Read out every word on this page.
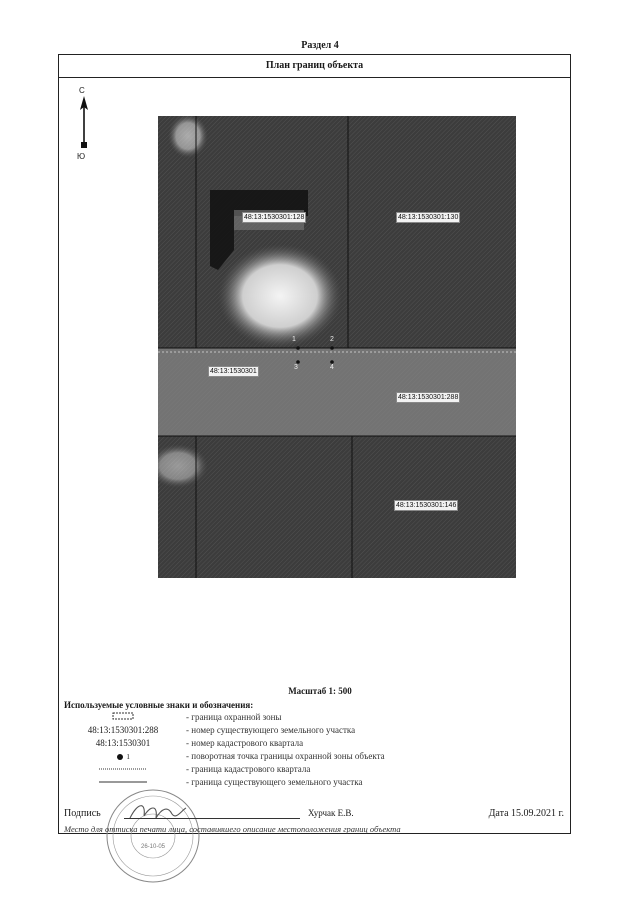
Раздел 4
План границ объекта
С
Ю
48:13:1530301:128	48:13:1530301:130
48:13:1530301
48:13:1530301:288
48:13:1530301:146
1	2
3	4
Масштаб 1: 500
Используемые условные знаки и обозначения:
- граница охранной зоны
48:13:1530301:288	- номер существующего земельного участка
48:13:1530301	- номер кадастрового квартала
1	- поворотная точка границы охранной зоны объекта
- граница кадастрового квартала
- граница существующего земельного участка
26-10-05
Подпись	Хурчак Е.В.	Дата 15.09.2021 г.
Место для оттиска печати лица, составившего описание местоположения границ объекта
